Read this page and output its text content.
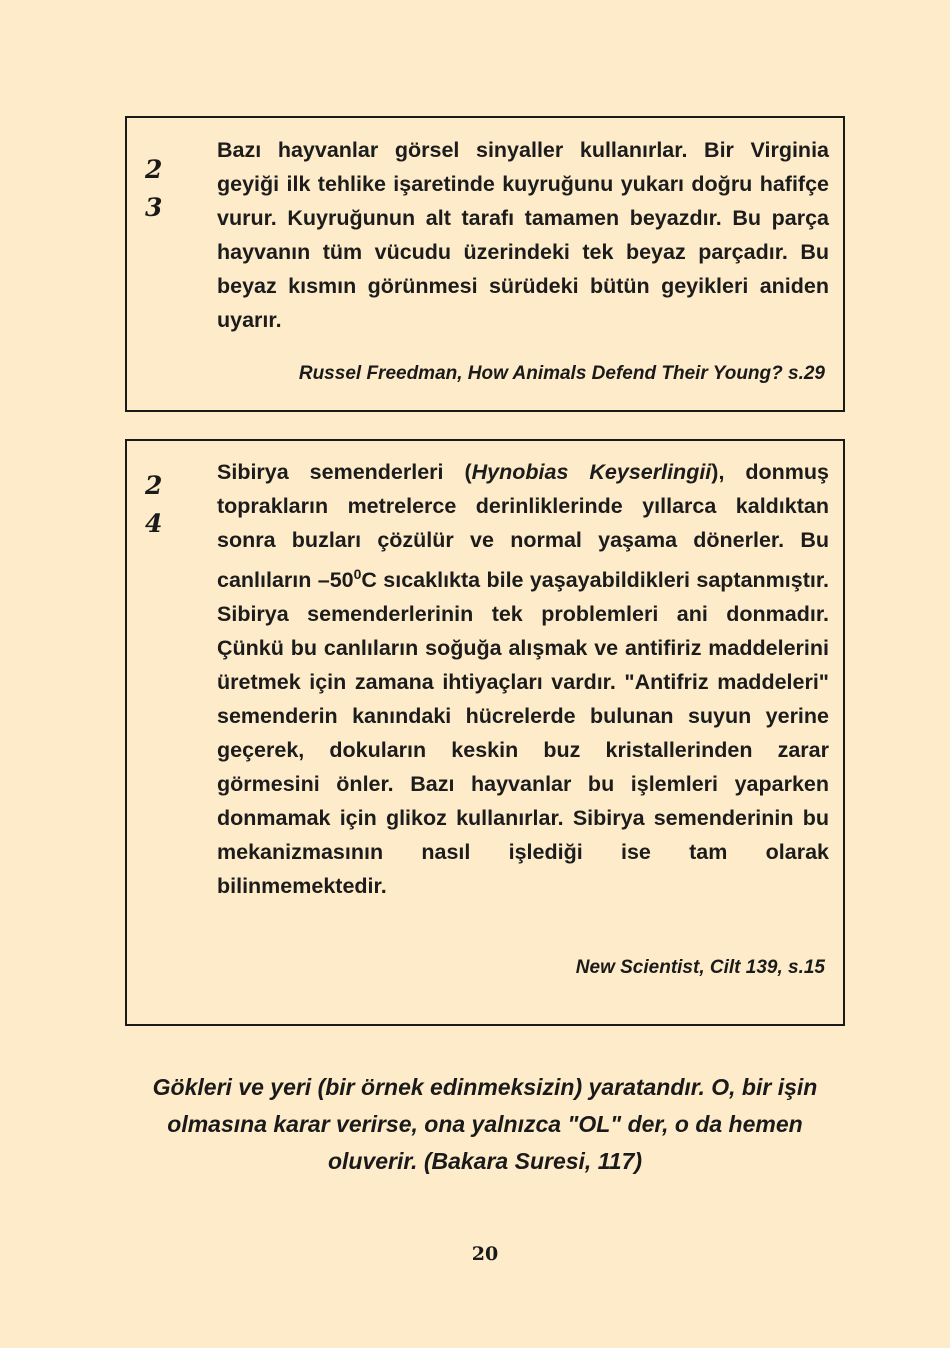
2
3

Bazı hayvanlar görsel sinyaller kullanırlar. Bir Virginia geyiği ilk tehlike işaretinde kuyruğunu yukarı doğru hafifçe vurur. Kuyruğunun alt tarafı tamamen beyazdır. Bu parça hayvanın tüm vücudu üzerindeki tek beyaz parçadır. Bu beyaz kısmın görünmesi sürüdeki bütün geyikleri aniden uyarır.

Russel Freedman, How Animals Defend Their Young? s.29
2
4

Sibirya semenderleri (Hynobias Keyserlingii), donmuş toprakların metrelerce derinliklerinde yıllarca kaldıktan sonra buzları çözülür ve normal yaşama dönerler. Bu canlıların $-50^0C$ sıcaklıkta bile yaşayabildikleri saptanmıştır. Sibirya semenderlerinin tek problemleri ani donmadır. Çünkü bu canlıların soğuğa alışmak ve antifiriz maddelerini üretmek için zamana ihtiyaçları vardır. "Antifriz maddeleri" semenderin kanındaki hücrelerde bulunan suyun yerine geçerek, dokuların keskin buz kristallerinden zarar görmesini önler. Bazı hayvanlar bu işlemleri yaparken donmamak için glikoz kullanırlar. Sibirya semenderinin bu mekanizmasının nasıl işlediği ise tam olarak bilinmemektedir.

New Scientist, Cilt 139, s.15

Gökleri ve yeri (bir örnek edinmeksizin) yaratandır. O, bir işin olmasına karar verirse, ona yalnızca "OL" der, o da hemen oluverir. (Bakara Suresi, 117)

20
